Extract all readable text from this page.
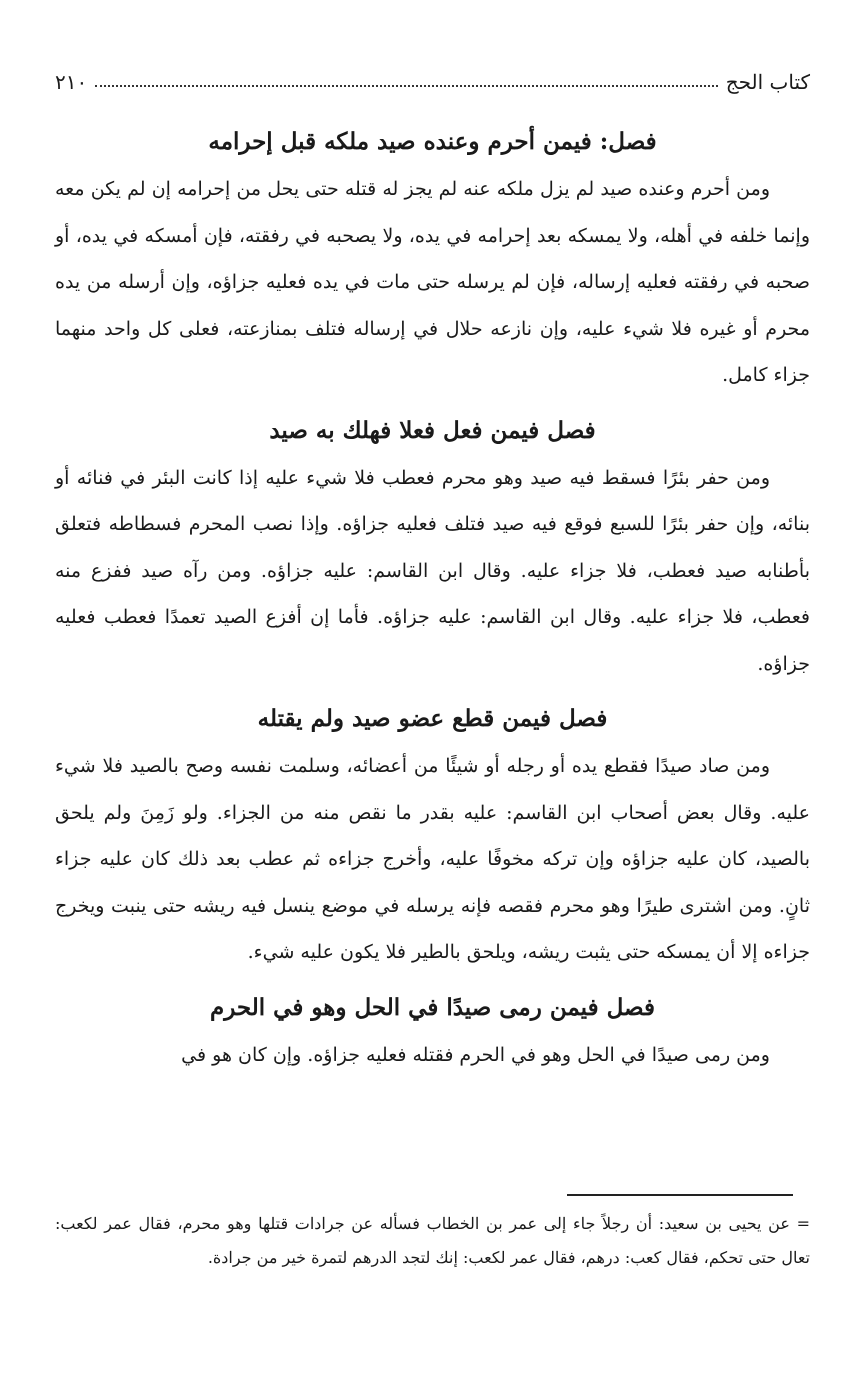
كتاب الحج
٢١٠
فصل: فيمن أحرم وعنده صيد ملكه قبل إحرامه

ومن أحرم وعنده صيد لم يزل ملكه عنه لم يجز له قتله حتى يحل من إحرامه إن لم يكن معه وإنما خلفه في أهله، ولا يمسكه بعد إحرامه في يده، ولا يصحبه في رفقته، فإن أمسكه في يده، أو صحبه في رفقته فعليه إرساله، فإن لم يرسله حتى مات في يده فعليه جزاؤه، وإن أرسله من يده محرم أو غيره فلا شيء عليه، وإن نازعه حلال في إرساله فتلف بمنازعته، فعلى كل واحد منهما جزاء كامل.

فصل فيمن فعل فعلا فهلك به صيد

ومن حفر بئرًا فسقط فيه صيد وهو محرم فعطب فلا شيء عليه إذا كانت البئر في فنائه أو بنائه، وإن حفر بئرًا للسبع فوقع فيه صيد فتلف فعليه جزاؤه. وإذا نصب المحرم فسطاطه فتعلق بأطنابه صيد فعطب، فلا جزاء عليه. وقال ابن القاسم: عليه جزاؤه. ومن رآه صيد ففزع منه فعطب، فلا جزاء عليه. وقال ابن القاسم: عليه جزاؤه. فأما إن أفزع الصيد تعمدًا فعطب فعليه جزاؤه.

فصل فيمن قطع عضو صيد ولم يقتله

ومن صاد صيدًا فقطع يده أو رجله أو شيئًا من أعضائه، وسلمت نفسه وصح بالصيد فلا شيء عليه. وقال بعض أصحاب ابن القاسم: عليه بقدر ما نقص منه من الجزاء. ولو زَمِنَ ولم يلحق بالصيد، كان عليه جزاؤه وإن تركه مخوفًا عليه، وأخرج جزاءه ثم عطب بعد ذلك كان عليه جزاء ثانٍ. ومن اشترى طيرًا وهو محرم فقصه فإنه يرسله في موضع ينسل فيه ريشه حتى ينبت ويخرج جزاءه إلا أن يمسكه حتى يثبت ريشه، ويلحق بالطير فلا يكون عليه شيء.

فصل فيمن رمى صيدًا في الحل وهو في الحرم

ومن رمى صيدًا في الحل وهو في الحرم فقتله فعليه جزاؤه. وإن كان هو في

= عن يحيى بن سعيد: أن رجلاً جاء إلى عمر بن الخطاب فسأله عن جرادات قتلها وهو محرم، فقال عمر لكعب: تعال حتى تحكم، فقال كعب: درهم، فقال عمر لكعب: إنك لتجد الدرهم لتمرة خير من جرادة.
